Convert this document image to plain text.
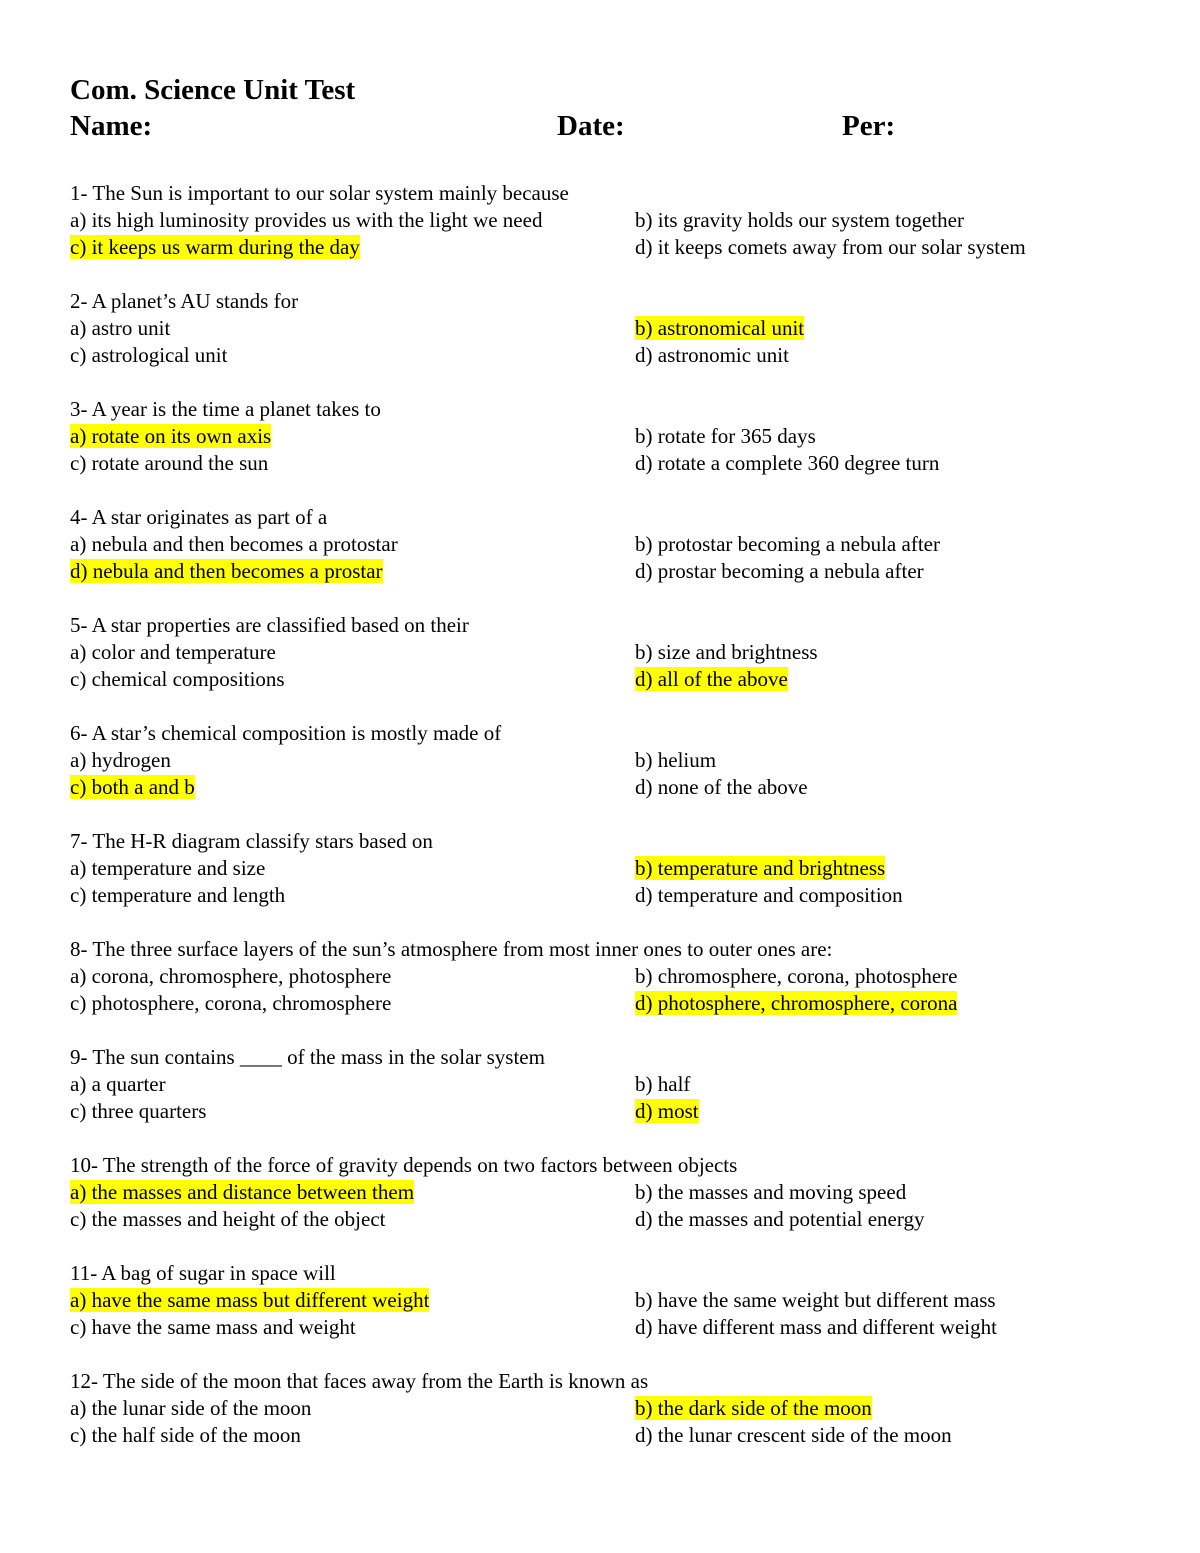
Com. Science Unit Test
Name:	Date:	Per:
1- The Sun is important to our solar system mainly because
a) its high luminosity provides us with the light we need	b) its gravity holds our system together
c) it keeps us warm during the day	d) it keeps comets away from our solar system
2- A planet’s AU stands for
a) astro unit	b) astronomical unit
c) astrological unit	d) astronomic unit
3- A year is the time a planet takes to
a) rotate on its own axis	b) rotate for 365 days
c) rotate around the sun	d) rotate a complete 360 degree turn
4- A star originates as part of a
a) nebula and then becomes a protostar	b) protostar becoming a nebula after
d) nebula and then becomes a prostar	d) prostar becoming a nebula after
5- A star properties are classified based on their
a) color and temperature	b) size and brightness
c) chemical compositions	d) all of the above
6- A star’s chemical composition is mostly made of
a) hydrogen	b) helium
c) both a and b	d) none of the above
7- The H-R diagram classify stars based on
a) temperature and size	b) temperature and brightness
c) temperature and length	d) temperature and composition
8- The three surface layers of the sun’s atmosphere from most inner ones to outer ones are:
a) corona, chromosphere, photosphere	b) chromosphere, corona, photosphere
c) photosphere, corona, chromosphere	d) photosphere, chromosphere, corona
9- The sun contains ____ of the mass in the solar system
a) a quarter	b) half
c) three quarters	d) most
10- The strength of the force of gravity depends on two factors between objects
a) the masses and distance between them	b) the masses and moving speed
c) the masses and height of the object	d) the masses and potential energy
11- A bag of sugar in space will
a) have the same mass but different weight	b) have the same weight but different mass
c) have the same mass and weight	d) have different mass and different weight
12- The side of the moon that faces away from the Earth is known as
a) the lunar side of the moon	b) the dark side of the moon
c) the half side of the moon	d) the lunar crescent side of the moon
